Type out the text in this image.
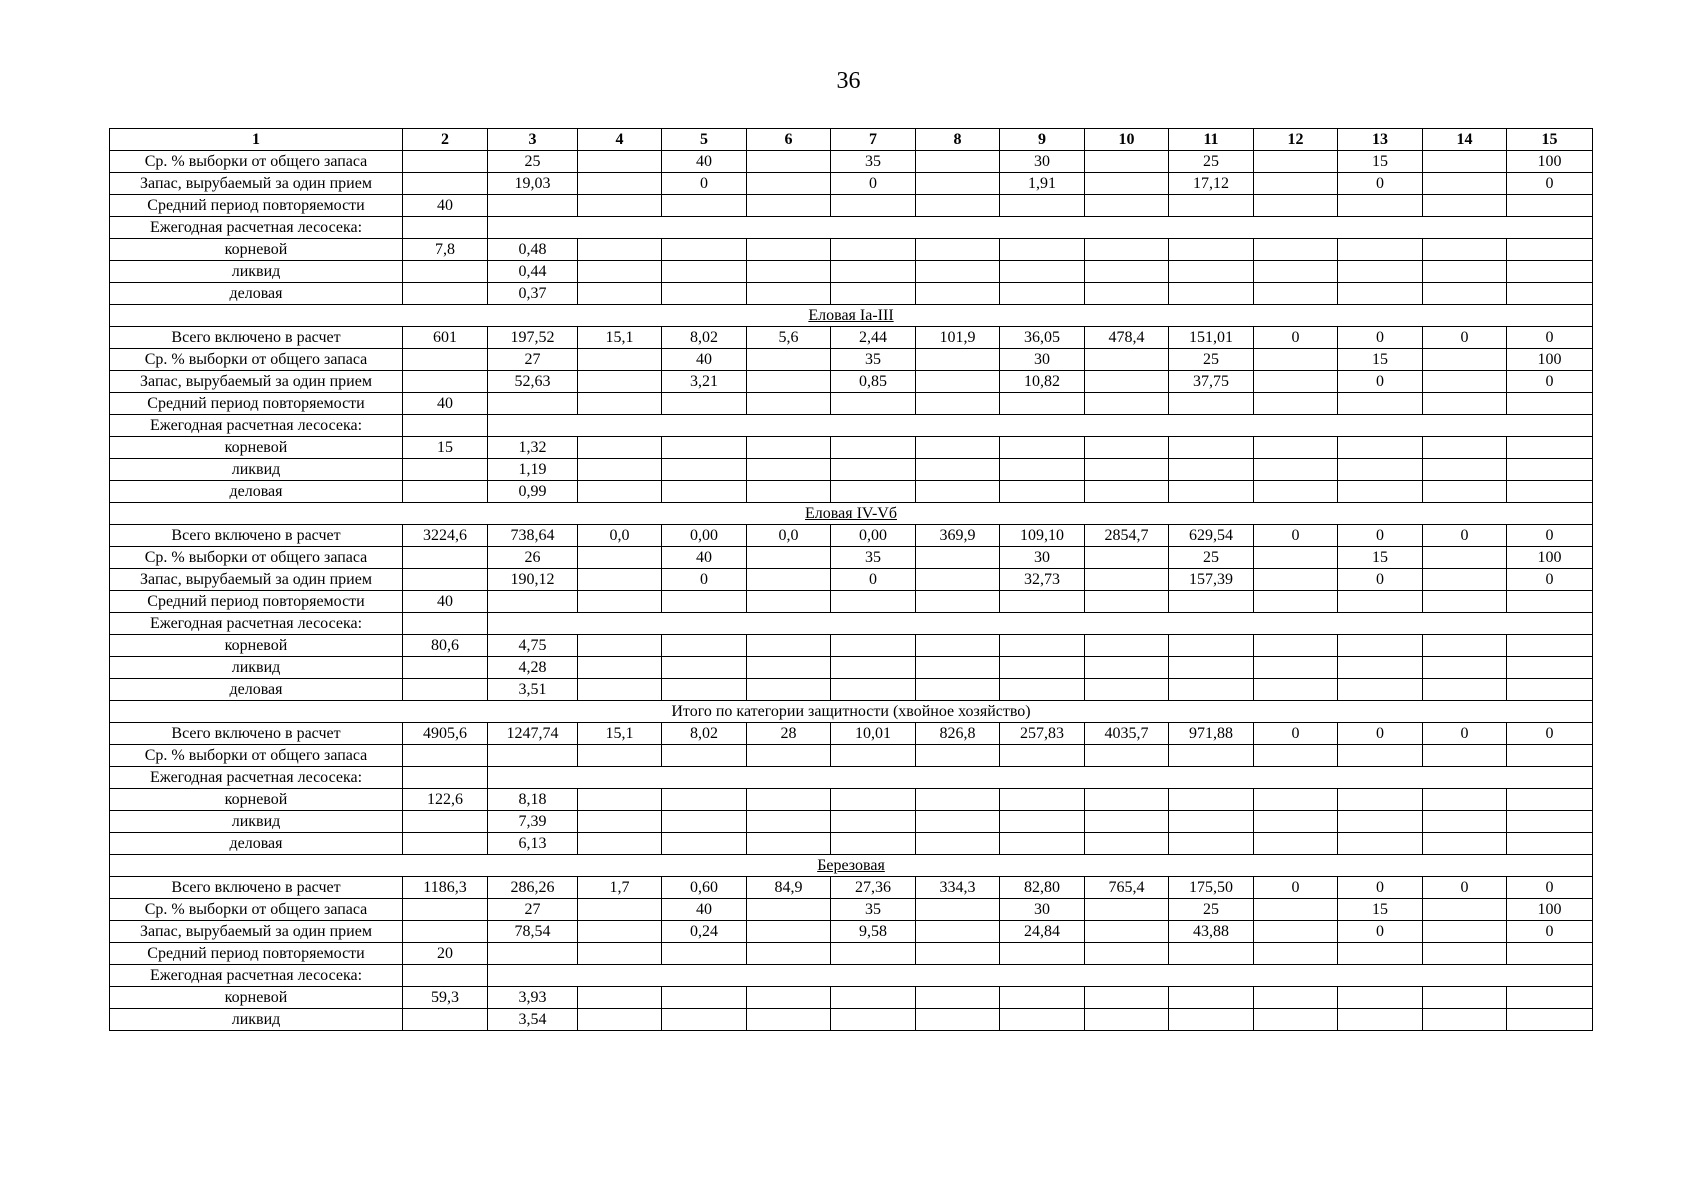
36
1	2	3	4	5	6	7	8	9	10	11	12	13	14	15
Ср. % выборки от общего запаса		25		40		35		30		25		15		100
Запас, вырубаемый за один прием		19,03		0		0		1,91		17,12		0		0
Средний период повторяемости	40													
Ежегодная расчетная лесосека:														
корневой	7,8	0,48												
ликвид		0,44												
деловая		0,37												
Еловая Iа-III														
Всего включено в расчет	601	197,52	15,1	8,02	5,6	2,44	101,9	36,05	478,4	151,01	0	0	0	0
Ср. % выборки от общего запаса		27		40		35		30		25		15		100
Запас, вырубаемый за один прием		52,63		3,21		0,85		10,82		37,75		0		0
Средний период повторяемости	40													
Ежегодная расчетная лесосека:														
корневой	15	1,32												
ликвид		1,19												
деловая		0,99												
Еловая IV-Vб														
Всего включено в расчет	3224,6	738,64	0,0	0,00	0,0	0,00	369,9	109,10	2854,7	629,54	0	0	0	0
Ср. % выборки от общего запаса		26		40		35		30		25		15		100
Запас, вырубаемый за один прием		190,12		0		0		32,73		157,39		0		0
Средний период повторяемости	40													
Ежегодная расчетная лесосека:														
корневой	80,6	4,75												
ликвид		4,28												
деловая		3,51												
Итого по категории защитности (хвойное хозяйство)														
Всего включено в расчет	4905,6	1247,74	15,1	8,02	28	10,01	826,8	257,83	4035,7	971,88	0	0	0	0
Ср. % выборки от общего запаса														
Ежегодная расчетная лесосека:														
корневой	122,6	8,18												
ликвид		7,39												
деловая		6,13												
Березовая														
Всего включено в расчет	1186,3	286,26	1,7	0,60	84,9	27,36	334,3	82,80	765,4	175,50	0	0	0	0
Ср. % выборки от общего запаса		27		40		35		30		25		15		100
Запас, вырубаемый за один прием		78,54		0,24		9,58		24,84		43,88		0		0
Средний период повторяемости	20													
Ежегодная расчетная лесосека:														
корневой	59,3	3,93												
ликвид		3,54												
